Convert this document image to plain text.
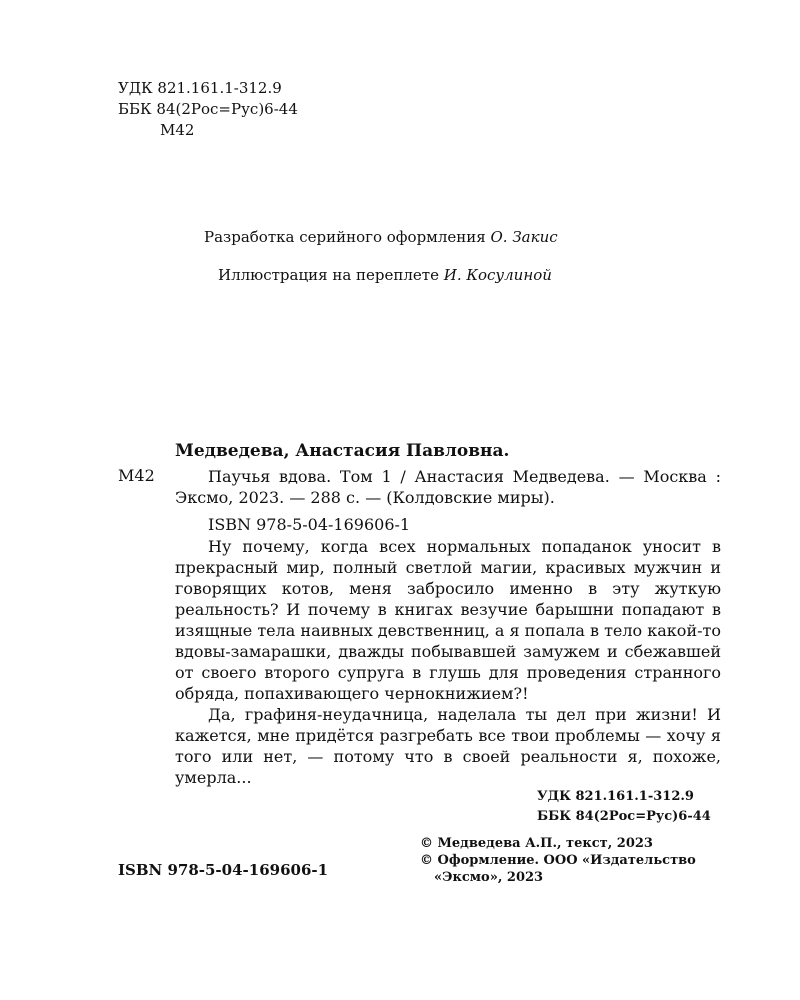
УДК 821.161.1-312.9
ББК 84(2Рос=Рус)6-44
М42
Разработка серийного оформления О. Закис
Иллюстрация на переплете И. Косулиной
Медведева, Анастасия Павловна.
М42	Паучья вдова. Том 1 / Анастасия Медведева. — Москва : Эксмо, 2023. — 288 с. — (Колдовские миры).

ISBN 978-5-04-169606-1

Ну почему, когда всех нормальных попаданок уносит в прекрасный мир, полный светлой магии, красивых мужчин и говорящих котов, меня забросило именно в эту жуткую реальность? И почему в книгах везучие барышни попадают в изящные тела наивных девственниц, а я попала в тело какой-то вдовы-замарашки, дважды побывавшей замужем и сбежавшей от своего второго супруга в глушь для проведения странного обряда, попахивающего чернокнижием?!

Да, графиня-неудачница, наделала ты дел при жизни! И кажется, мне придётся разгребать все твои проблемы — хочу я того или нет, — потому что в своей реальности я, похоже, умерла...

УДК 821.161.1-312.9
ББК 84(2Рос=Рус)6-44
© Медведева А.П., текст, 2023
© Оформление. ООО «Издательство
«Эксмо», 2023
ISBN 978-5-04-169606-1
